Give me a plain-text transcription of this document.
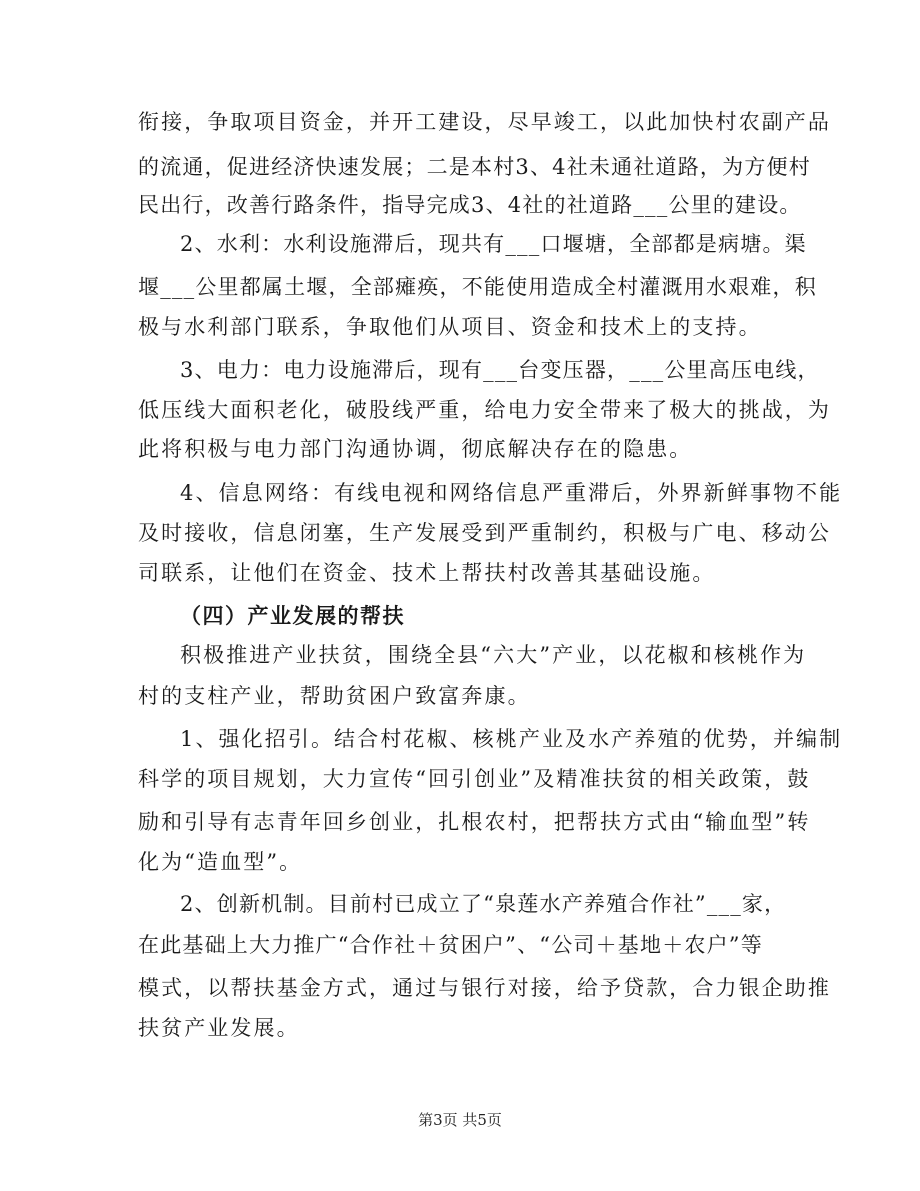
衔接，争取项目资金，并开工建设，尽早竣工，以此加快村农副产品
的流通，促进经济快速发展；二是本村3、4社未通社道路，为方便村
民出行，改善行路条件，指导完成3、4社的社道路___公里的建设。
2、水利：水利设施滞后，现共有___口堰塘，全部都是病塘。渠
堰___公里都属土堰，全部瘫痪，不能使用造成全村灌溉用水艰难，积
极与水利部门联系，争取他们从项目、资金和技术上的支持。
3、电力：电力设施滞后，现有___台变压器，___公里高压电线，
低压线大面积老化，破股线严重，给电力安全带来了极大的挑战，为
此将积极与电力部门沟通协调，彻底解决存在的隐患。
4、信息网络：有线电视和网络信息严重滞后，外界新鲜事物不能
及时接收，信息闭塞，生产发展受到严重制约，积极与广电、移动公
司联系，让他们在资金、技术上帮扶村改善其基础设施。
（四）产业发展的帮扶
积极推进产业扶贫，围绕全县“六大”产业，以花椒和核桃作为
村的支柱产业，帮助贫困户致富奔康。
1、强化招引。结合村花椒、核桃产业及水产养殖的优势，并编制
科学的项目规划，大力宣传“回引创业”及精准扶贫的相关政策，鼓
励和引导有志青年回乡创业，扎根农村，把帮扶方式由“输血型”转
化为“造血型”。
2、创新机制。目前村已成立了“泉莲水产养殖合作社”___家，
在此基础上大力推广“合作社＋贫困户”、“公司＋基地＋农户”等
模式，以帮扶基金方式，通过与银行对接，给予贷款，合力银企助推
扶贫产业发展。
第3页 共5页
